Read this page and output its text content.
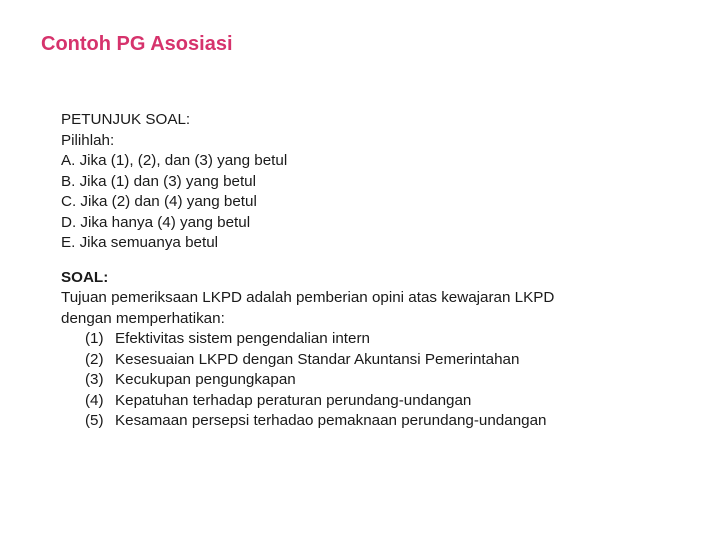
Contoh PG Asosiasi
PETUNJUK SOAL:
Pilihlah:
A. Jika (1), (2), dan (3) yang betul
B. Jika (1) dan (3) yang betul
C. Jika (2) dan (4) yang betul
D. Jika hanya (4) yang betul
E. Jika semuanya betul
SOAL:
Tujuan pemeriksaan LKPD adalah pemberian opini atas kewajaran LKPD
dengan memperhatikan:
(1) Efektivitas sistem pengendalian intern
(2) Kesesuaian LKPD dengan Standar Akuntansi Pemerintahan
(3) Kecukupan pengungkapan
(4) Kepatuhan terhadap peraturan perundang-undangan
(5) Kesamaan persepsi terhadao pemaknaan perundang-undangan
